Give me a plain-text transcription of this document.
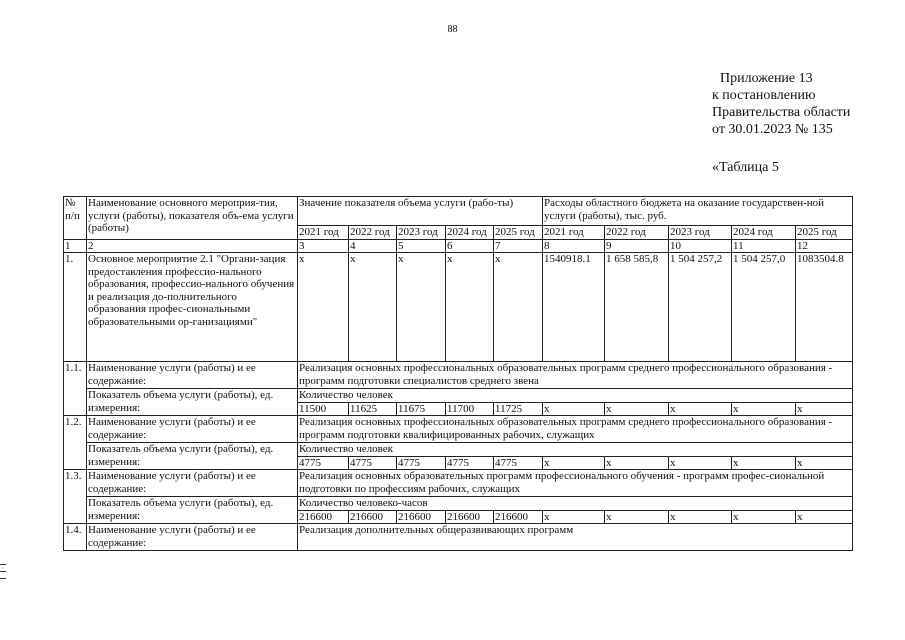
88
Приложение 13
к постановлению
Правительства области
от 30.01.2023 № 135
«Таблица 5
№ п/п	Наименование основного мероприя-тия, услуги (работы), показателя объ-ема услуги (работы)	Значение показателя объема услуги (рабо-ты)					Расходы областного бюджета на оказание государствен-ной услуги (работы), тыс. руб.				
		2021 год	2022 год	2023 год	2024 год	2025 год	2021 год	2022 год	2023 год	2024 год	2025 год
1	2	3	4	5	6	7	8	9	10	11	12
1.	Основное мероприятие 2.1 "Органи-зация предоставления профессио-нального образования, профессио-нального обучения и реализация до-полнительного образования профес-сиональными образовательными ор-ганизациями"	x	x	x	x	x	1540918.1	1 658 585,8	1 504 257,2	1 504 257,0	1083504.8
1.1.	Наименование услуги (работы) и ее содержание:	Реализация основных профессиональных образовательных программ среднего профессионального образования - программ подготовки специалистов среднего звена									
	Показатель объема услуги (работы), ед. измерения:	Количество человек									
		11500	11625	11675	11700	11725	x	x	x	x	x
1.2.	Наименование услуги (работы) и ее содержание:	Реализация основных профессиональных образовательных программ среднего профессионального образования - программ подготовки квалифицированных рабочих, служащих									
	Показатель объема услуги (работы), ед. измерения:	Количество человек									
		4775	4775	4775	4775	4775	x	x	x	x	x
1.3.	Наименование услуги (работы) и ее содержание:	Реализация основных образовательных программ профессионального обучения - программ профес-сиональной подготовки по профессиям рабочих, служащих									
	Показатель объема услуги (работы), ед. измерения:	Количество человеко-часов									
		216600	216600	216600	216600	216600	x	x	x	x	x
1.4.	Наименование услуги (работы) и ее содержание:	Реализация дополнительных общеразвивающих программ									
